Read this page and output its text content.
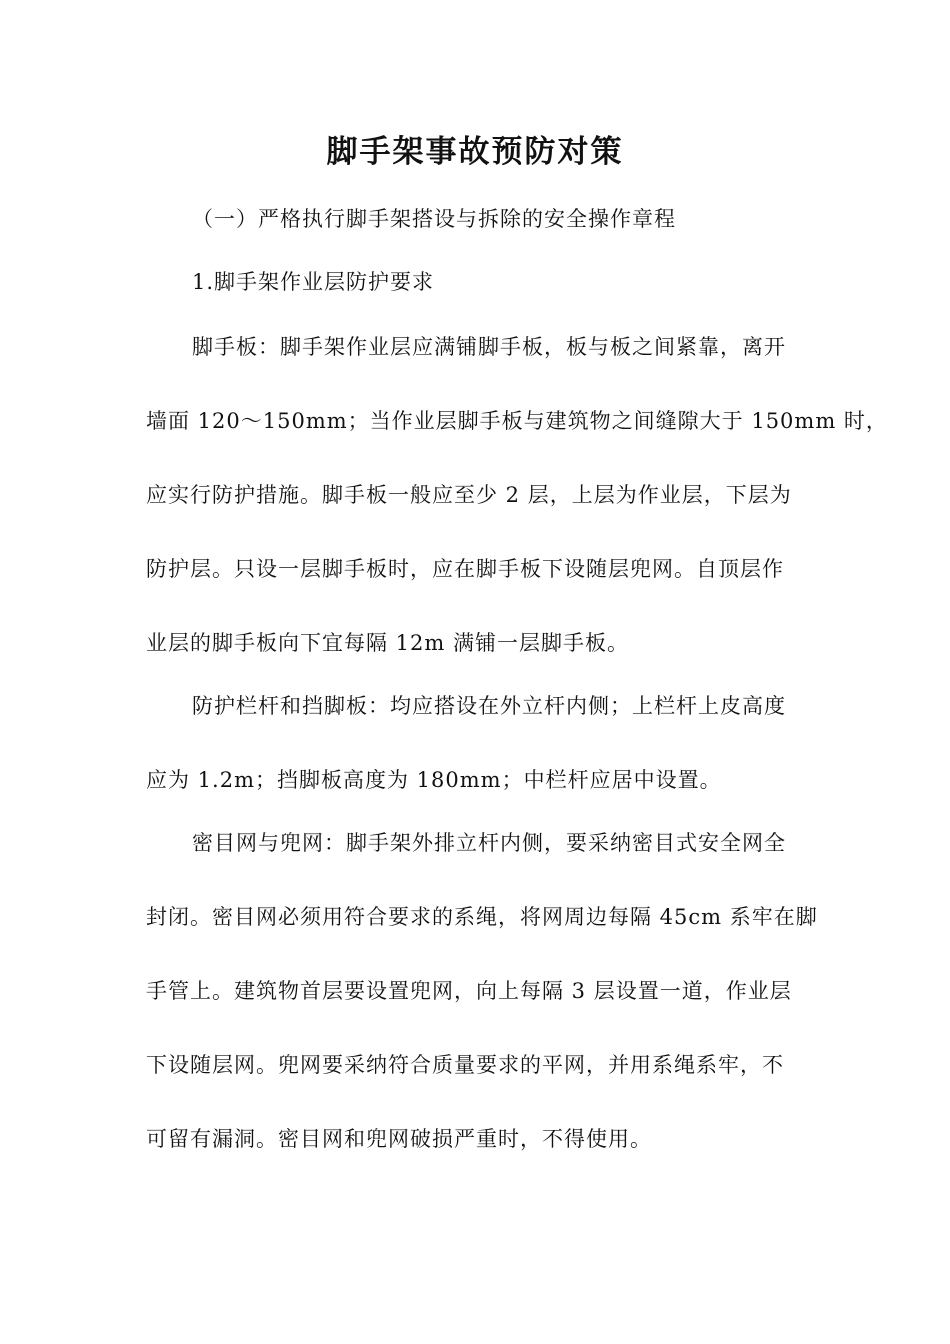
脚手架事故预防对策
（一）严格执行脚手架搭设与拆除的安全操作章程
1.脚手架作业层防护要求
脚手板：脚手架作业层应满铺脚手板，板与板之间紧靠，离开
墙面 120～150mm；当作业层脚手板与建筑物之间缝隙大于 150mm 时，
应实行防护措施。脚手板一般应至少 2 层，上层为作业层，下层为
防护层。只设一层脚手板时，应在脚手板下设随层兜网。自顶层作
业层的脚手板向下宜每隔 12m 满铺一层脚手板。
防护栏杆和挡脚板：均应搭设在外立杆内侧；上栏杆上皮高度
应为 1.2m；挡脚板高度为 180mm；中栏杆应居中设置。
密目网与兜网：脚手架外排立杆内侧，要采纳密目式安全网全
封闭。密目网必须用符合要求的系绳，将网周边每隔 45cm 系牢在脚
手管上。建筑物首层要设置兜网，向上每隔 3 层设置一道，作业层
下设随层网。兜网要采纳符合质量要求的平网，并用系绳系牢，不
可留有漏洞。密目网和兜网破损严重时，不得使用。
